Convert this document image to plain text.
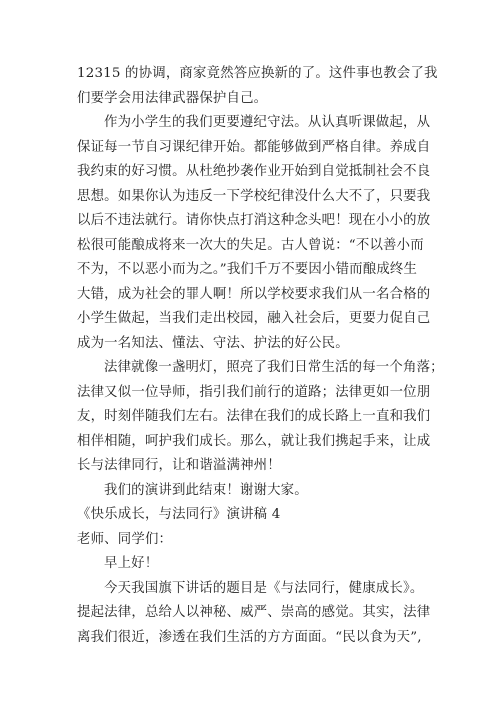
12315 的协调，商家竟然答应换新的了。这件事也教会了我
们要学会用法律武器保护自己。
作为小学生的我们更要遵纪守法。从认真听课做起，从
保证每一节自习课纪律开始。都能够做到严格自律。养成自
我约束的好习惯。从杜绝抄袭作业开始到自觉抵制社会不良
思想。如果你认为违反一下学校纪律没什么大不了，只要我
以后不违法就行。请你快点打消这种念头吧！现在小小的放
松很可能酿成将来一次大的失足。古人曾说：“不以善小而
不为，不以恶小而为之。”我们千万不要因小错而酿成终生
大错，成为社会的罪人啊！所以学校要求我们从一名合格的
小学生做起，当我们走出校园，融入社会后，更要力促自己
成为一名知法、懂法、守法、护法的好公民。
法律就像一盏明灯，照亮了我们日常生活的每一个角落；
法律又似一位导师，指引我们前行的道路；法律更如一位朋
友，时刻伴随我们左右。法律在我们的成长路上一直和我们
相伴相随，呵护我们成长。那么，就让我们携起手来，让成
长与法律同行，让和谐溢满神州！
我们的演讲到此结束！谢谢大家。
《快乐成长，与法同行》演讲稿 4
老师、同学们：
早上好！
今天我国旗下讲话的题目是《与法同行，健康成长》。
提起法律，总给人以神秘、威严、崇高的感觉。其实，法律
离我们很近，渗透在我们生活的方方面面。“民以食为天”,
